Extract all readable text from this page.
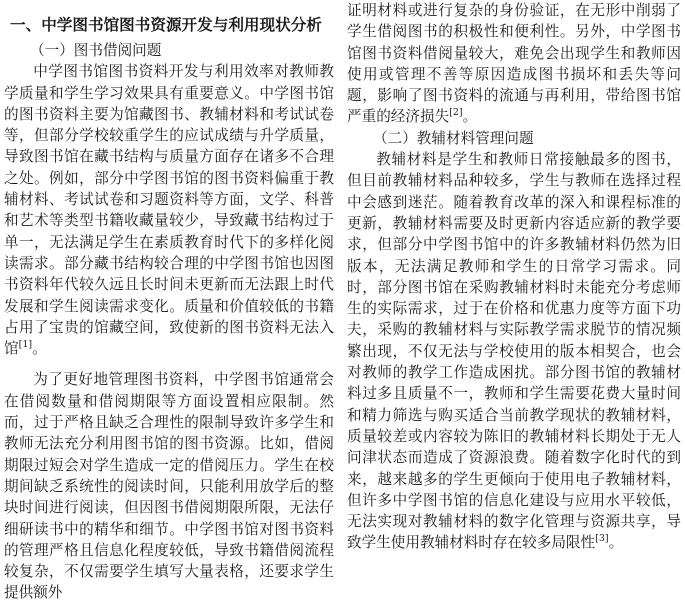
一、中学图书馆图书资源开发与利用现状分析
（一）图书借阅问题

中学图书馆图书资料开发与利用效率对教师教学质量和学生学习效果具有重要意义。中学图书馆的图书资料主要为馆藏图书、教辅材料和考试试卷等，但部分学校较重学生的应试成绩与升学质量，导致图书馆在藏书结构与质量方面存在诸多不合理之处。例如，部分中学图书馆的图书资料偏重于教辅材料、考试试卷和习题资料等方面，文学、科普和艺术等类型书籍收藏量较少，导致藏书结构过于单一，无法满足学生在素质教育时代下的多样化阅读需求。部分藏书结构较合理的中学图书馆也因图书资料年代较久远且长时间未更新而无法跟上时代发展和学生阅读需求变化。质量和价值较低的书籍占用了宝贵的馆藏空间，致使新的图书资料无法入馆[1]。

为了更好地管理图书资料，中学图书馆通常会在借阅数量和借阅期限等方面设置相应限制。然而，过于严格且缺乏合理性的限制导致许多学生和教师无法充分利用图书馆的图书资源。比如，借阅期限过短会对学生造成一定的借阅压力。学生在校期间缺乏系统性的阅读时间，只能利用放学后的整块时间进行阅读，但因图书借阅期限所限，无法仔细研读书中的精华和细节。中学图书馆对图书资料的管理严格且信息化程度较低，导致书籍借阅流程较复杂，不仅需要学生填写大量表格，还要求学生提供额外

证明材料或进行复杂的身份验证，在无形中削弱了学生借阅图书的积极性和便利性。另外，中学图书馆图书资料借阅量较大，难免会出现学生和教师因使用或管理不善等原因造成图书损坏和丢失等问题，影响了图书资料的流通与再利用，带给图书馆严重的经济损失[2]。

（二）教辅材料管理问题

教辅材料是学生和教师日常接触最多的图书，但目前教辅材料品种较多，学生与教师在选择过程中会感到迷茫。随着教育改革的深入和课程标准的更新，教辅材料需要及时更新内容适应新的教学要求，但部分中学图书馆中的许多教辅材料仍然为旧版本，无法满足教师和学生的日常学习需求。同时，部分图书馆在采购教辅材料时未能充分考虑师生的实际需求，过于在价格和优惠力度等方面下功夫，采购的教辅材料与实际教学需求脱节的情况频繁出现，不仅无法与学校使用的版本相契合，也会对教师的教学工作造成困扰。部分图书馆的教辅材料过多且质量不一，教师和学生需要花费大量时间和精力筛选与购买适合当前教学现状的教辅材料，质量较差或内容较为陈旧的教辅材料长期处于无人问津状态而造成了资源浪费。随着数字化时代的到来，越来越多的学生更倾向于使用电子教辅材料，但许多中学图书馆的信息化建设与应用水平较低，无法实现对教辅材料的数字化管理与资源共享，导致学生使用教辅材料时存在较多局限性[3]。
